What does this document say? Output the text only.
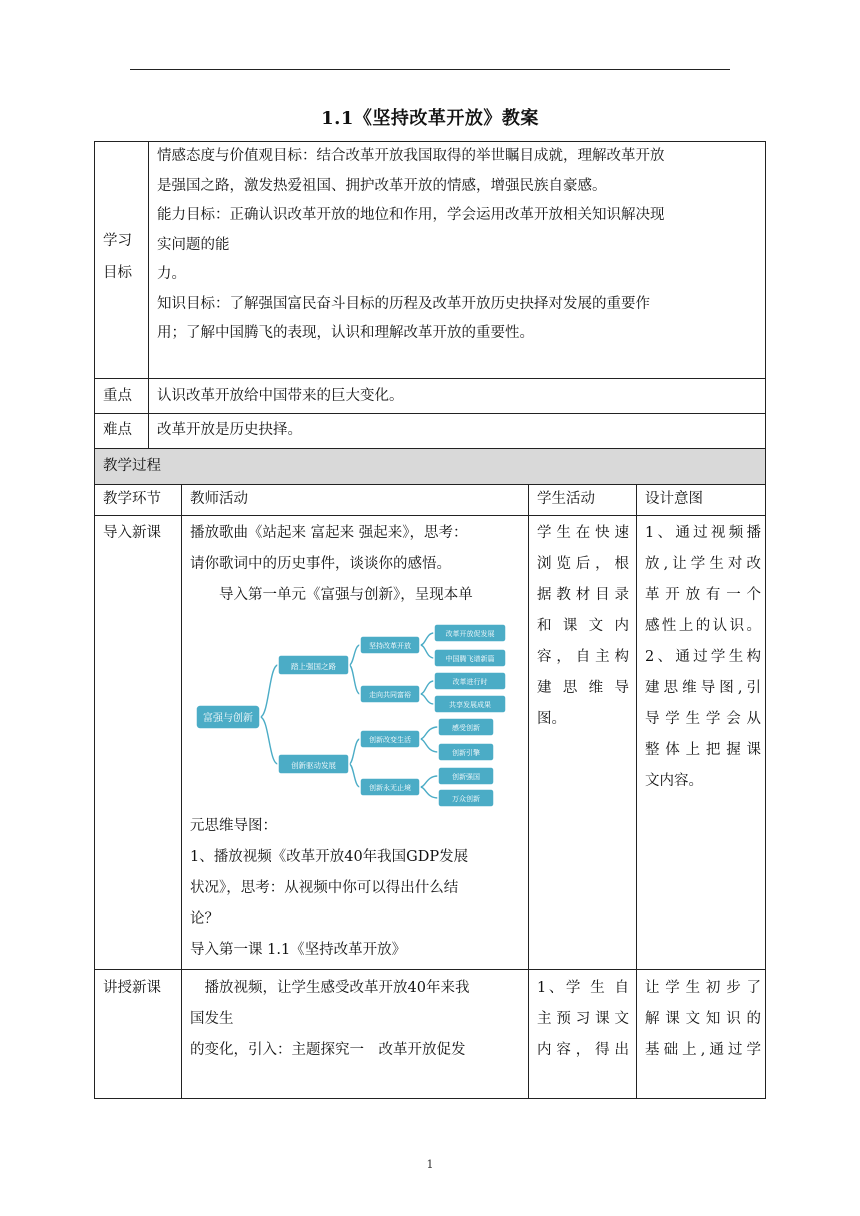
1.1《坚持改革开放》教案
学习
目标
情感态度与价值观目标：结合改革开放我国取得的举世瞩目成就，理解改革开放
是强国之路，激发热爱祖国、拥护改革开放的情感，增强民族自豪感。
能力目标：正确认识改革开放的地位和作用，学会运用改革开放相关知识解决现
实问题的能
力。
知识目标：了解强国富民奋斗目标的历程及改革开放历史抉择对发展的重要作
用；了解中国腾飞的表现，认识和理解改革开放的重要性。
重点 认识改革开放给中国带来的巨大变化。
难点 改革开放是历史抉择。
教学过程
教学环节 教师活动	学生活动	设计意图
导入新课 播放歌曲《站起来 富起来 强起来》，思考：
请你歌词中的历史事件，谈谈你的感悟。
　　导入第一单元《富强与创新》，呈现本单
元思维导图：
1、播放视频《改革开放40年我国GDP发展
状况》，思考：从视频中你可以得出什么结
论？
导入第一课 1.1《坚持改革开放》
学生在快速
浏览后，根
据教材目录
和 课 文 内
容，自主构
建 思 维 导
图。
1、通过视频播
放,让学生对改
革开放有一个
感性上的认识。
2、通过学生构
建思维导图,引
导学生学会从
整体上把握课
文内容。
富强与创新
踏上强国之路
创新驱动发展
坚持改革开放
走向共同富裕
创新改变生活
创新永无止境
改革开放促发展
中国腾飞谱新篇
改革进行时
共享发展成果
感受创新
创新引擎
创新强国
万众创新
讲授新课 　播放视频，让学生感受改革开放40年来我
国发生
的变化，引入：主题探究一　改革开放促发
1、学 生 自
主预习课文
内容，得出
让学生初步了
解课文知识的
基础上,通过学
1
